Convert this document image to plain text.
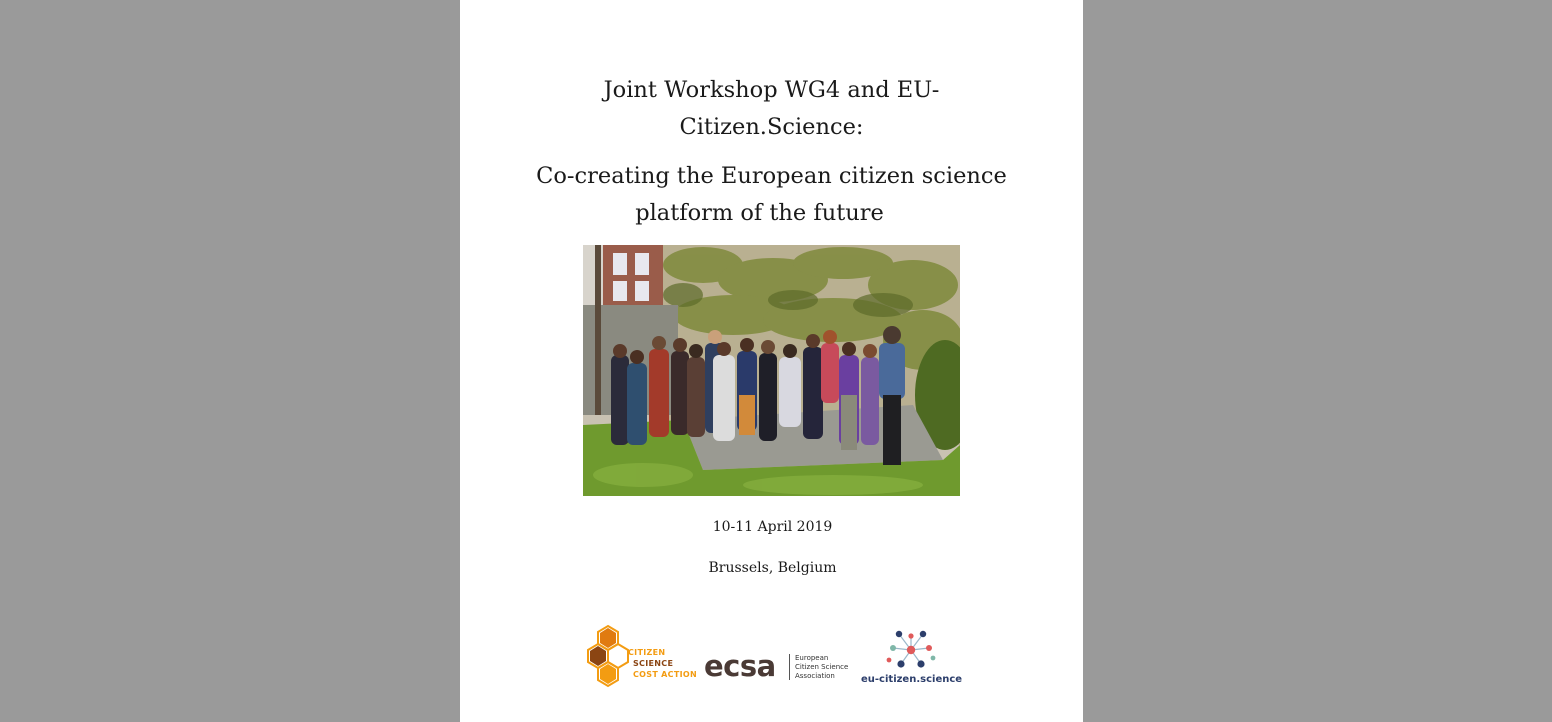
Joint Workshop WG4 and EU-
Citizen.Science:
Co-creating the European citizen science
platform of the future
10-11 April 2019
Brussels, Belgium
CITIZEN
SCIENCE
COST ACTION ecsa	European
Citizen Science
Association	eu-citizen.science
